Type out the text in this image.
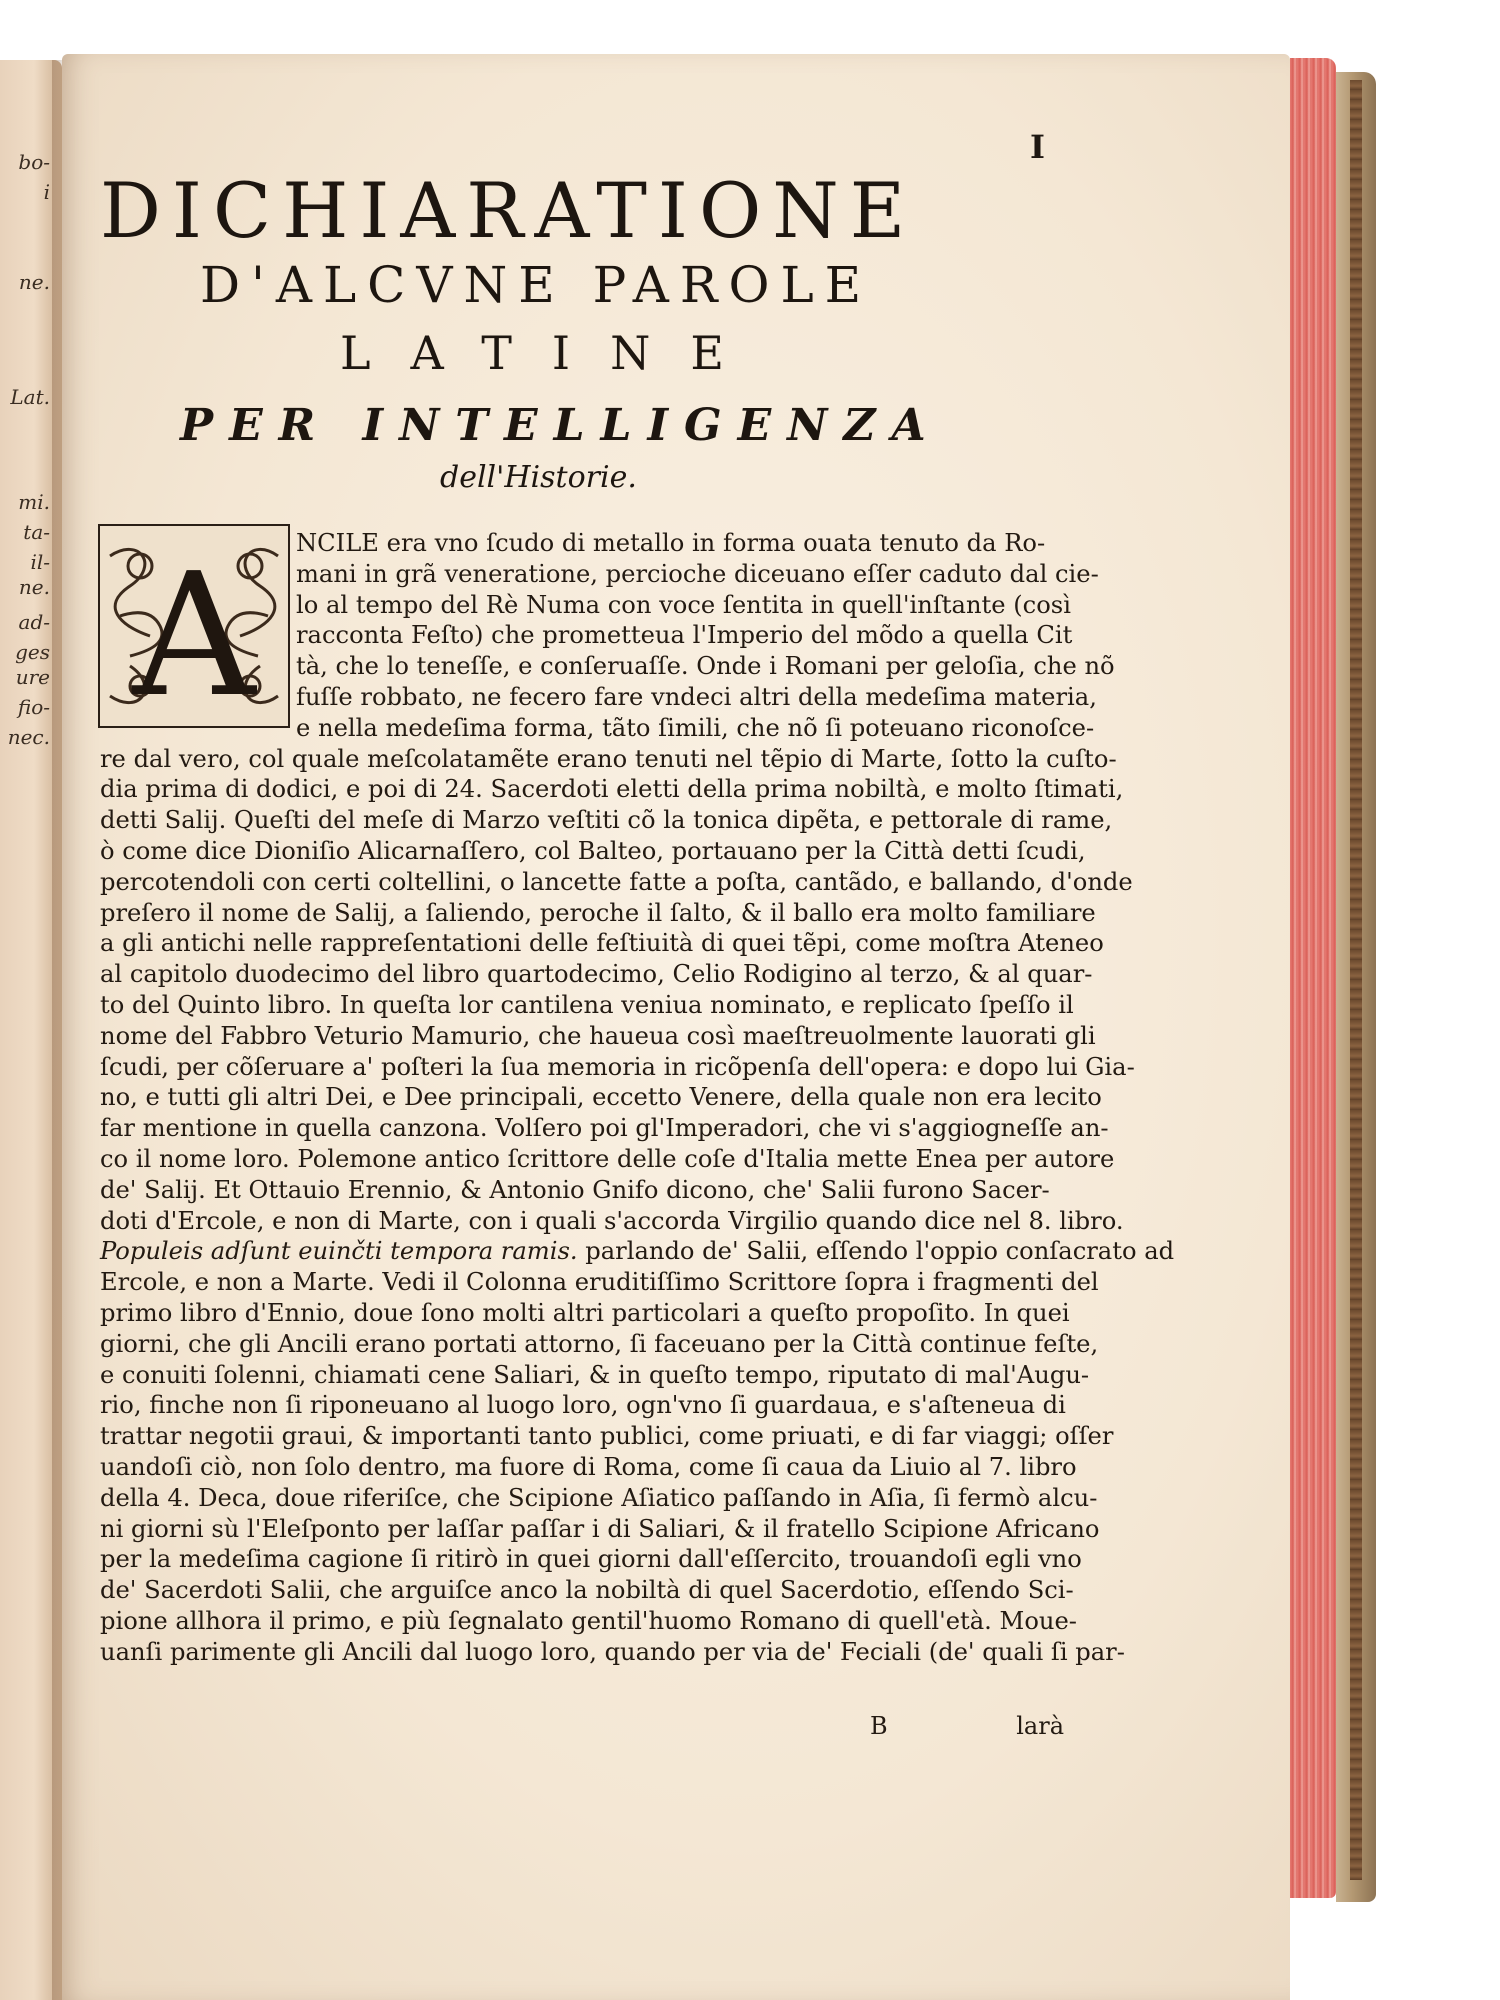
bo-
i
ne.
Lat.
mi.
ta-
il-
ne.
ad-
ges
ure
fio-
nec.
I
DICHIARATIONE
D'ALCVNE PAROLE
LATINE
PER INTELLIGENZA
dell'Historie.
A	NCILE era vno ſcudo di metallo in forma ouata tenuto da Ro-
mani in grã veneratione, percioche diceuano eſſer caduto dal cie-
lo al tempo del Rè Numa con voce ſentita in quell'inſtante (così
racconta Feſto) che prometteua l'Imperio del mõdo a quella Cit
tà, che lo teneſſe, e conſeruaſſe. Onde i Romani per geloſia, che nõ
fuſſe robbato, ne fecero fare vndeci altri della medeſima materia,
e nella medeſima forma, tãto ſimili, che nõ ſi poteuano riconoſce-
re dal vero, col quale meſcolatamẽte erano tenuti nel tẽpio di Marte, ſotto la cuſto-
dia prima di dodici, e poi di 24. Sacerdoti eletti della prima nobiltà, e molto ſtimati,
detti Salij. Queſti del meſe di Marzo veſtiti cõ la tonica dipẽta, e pettorale di rame,
ò come dice Dioniſio Alicarnaſſero, col Balteo, portauano per la Città detti ſcudi,
percotendoli con certi coltellini, o lancette fatte a poſta, cantãdo, e ballando, d'onde
preſero il nome de Salij, a ſaliendo, peroche il ſalto, & il ballo era molto familiare
a gli antichi nelle rappreſentationi delle feſtiuità di quei tẽpi, come moſtra Ateneo
al capitolo duodecimo del libro quartodecimo, Celio Rodigino al terzo, & al quar-
to del Quinto libro. In queſta lor cantilena veniua nominato, e replicato ſpeſſo il
nome del Fabbro Veturio Mamurio, che haueua così maeſtreuolmente lauorati gli
ſcudi, per cõſeruare a' poſteri la ſua memoria in ricõpenſa dell'opera: e dopo lui Gia-
no, e tutti gli altri Dei, e Dee principali, eccetto Venere, della quale non era lecito
far mentione in quella canzona. Volſero poi gl'Imperadori, che vi s'aggiogneſſe an-
co il nome loro. Polemone antico ſcrittore delle coſe d'Italia mette Enea per autore
de' Salij. Et Ottauio Erennio, & Antonio Gnifo dicono, che' Salii furono Sacer-
doti d'Ercole, e non di Marte, con i quali s'accorda Virgilio quando dice nel 8. libro.
Populeis adſunt euinčti tempora ramis. parlando de' Salii, eſſendo l'oppio conſacrato ad
Ercole, e non a Marte. Vedi il Colonna eruditiſſimo Scrittore ſopra i fragmenti del
primo libro d'Ennio, doue ſono molti altri particolari a queſto propoſito. In quei
giorni, che gli Ancili erano portati attorno, ſi faceuano per la Città continue feſte,
e conuiti ſolenni, chiamati cene Saliari, & in queſto tempo, riputato di mal'Augu-
rio, finche non ſi riponeuano al luogo loro, ogn'vno ſi guardaua, e s'aſteneua di
trattar negotii graui, & importanti tanto publici, come priuati, e di far viaggi; oſſer
uandoſi ciò, non ſolo dentro, ma fuore di Roma, come ſi caua da Liuio al 7. libro
della 4. Deca, doue riferiſce, che Scipione Aſiatico paſſando in Aſia, ſi fermò alcu-
ni giorni sù l'Eleſponto per laſſar paſſar i di Saliari, & il fratello Scipione Africano
per la medeſima cagione ſi ritirò in quei giorni dall'eſſercito, trouandoſi egli vno
de' Sacerdoti Salii, che arguiſce anco la nobiltà di quel Sacerdotio, eſſendo Sci-
pione allhora il primo, e più ſegnalato gentil'huomo Romano di quell'età. Moue-
uanſi parimente gli Ancili dal luogo loro, quando per via de' Feciali (de' quali ſi par-
B	larà
